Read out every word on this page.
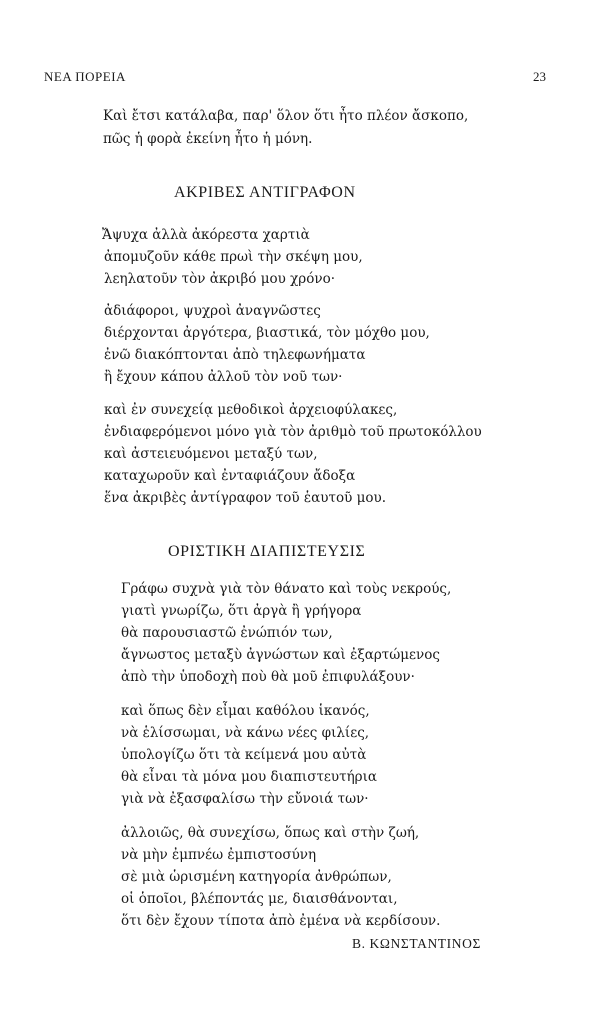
ΝΕΑ ΠΟΡΕΙΑ	23
Καὶ ἔτσι κατάλαβα, παρ' ὅλον ὅτι ἦτο πλέον ἄσκοπο,
πῶς ἡ φορὰ ἐκείνη ἦτο ἡ μόνη.
ΑΚΡΙΒΕΣ ΑΝΤΙΓΡΑΦΟΝ
Ἄψυχα ἀλλὰ ἀκόρεστα χαρτιὰ
ἀπομυζοῦν κάθε πρωὶ τὴν σκέψη μου,
λεηλατοῦν τὸν ἀκριβό μου χρόνο·
ἀδιάφοροι, ψυχροὶ ἀναγνῶστες
διέρχονται ἀργότερα, βιαστικά, τὸν μόχθο μου,
ἐνῶ διακόπτονται ἀπὸ τηλεφωνήματα
ἢ ἔχουν κάπου ἀλλοῦ τὸν νοῦ των·
καὶ ἐν συνεχείᾳ μεθοδικοὶ ἀρχειοφύλακες,
ἐνδιαφερόμενοι μόνο γιὰ τὸν ἀριθμὸ τοῦ πρωτοκόλλου
καὶ ἀστειευόμενοι μεταξύ των,
καταχωροῦν καὶ ἐνταφιάζουν ἄδοξα
ἕνα ἀκριβὲς ἀντίγραφον τοῦ ἑαυτοῦ μου.
ΟΡΙΣΤΙΚΗ ΔΙΑΠΙΣΤΕΥΣΙΣ
Γράφω συχνὰ γιὰ τὸν θάνατο καὶ τοὺς νεκρούς,
γιατὶ γνωρίζω, ὅτι ἀργὰ ἢ γρήγορα
θὰ παρουσιαστῶ ἐνώπιόν των,
ἄγνωστος μεταξὺ ἀγνώστων καὶ ἐξαρτώμενος
ἀπὸ τὴν ὑποδοχὴ ποὺ θὰ μοῦ ἐπιφυλάξουν·
καὶ ὅπως δὲν εἶμαι καθόλου ἱκανός,
νὰ ἑλίσσωμαι, νὰ κάνω νέες φιλίες,
ὑπολογίζω ὅτι τὰ κείμενά μου αὐτὰ
θὰ εἶναι τὰ μόνα μου διαπιστευτήρια
γιὰ νὰ ἐξασφαλίσω τὴν εὔνοιά των·
ἀλλοιῶς, θὰ συνεχίσω, ὅπως καὶ στὴν ζωή,
νὰ μὴν ἐμπνέω ἐμπιστοσύνη
σὲ μιὰ ὡρισμένη κατηγορία ἀνθρώπων,
οἱ ὁποῖοι, βλέποντάς με, διαισθάνονται,
ὅτι δὲν ἔχουν τίποτα ἀπὸ ἐμένα νὰ κερδίσουν.
Β. ΚΩΝΣΤΑΝΤΙΝΟΣ
